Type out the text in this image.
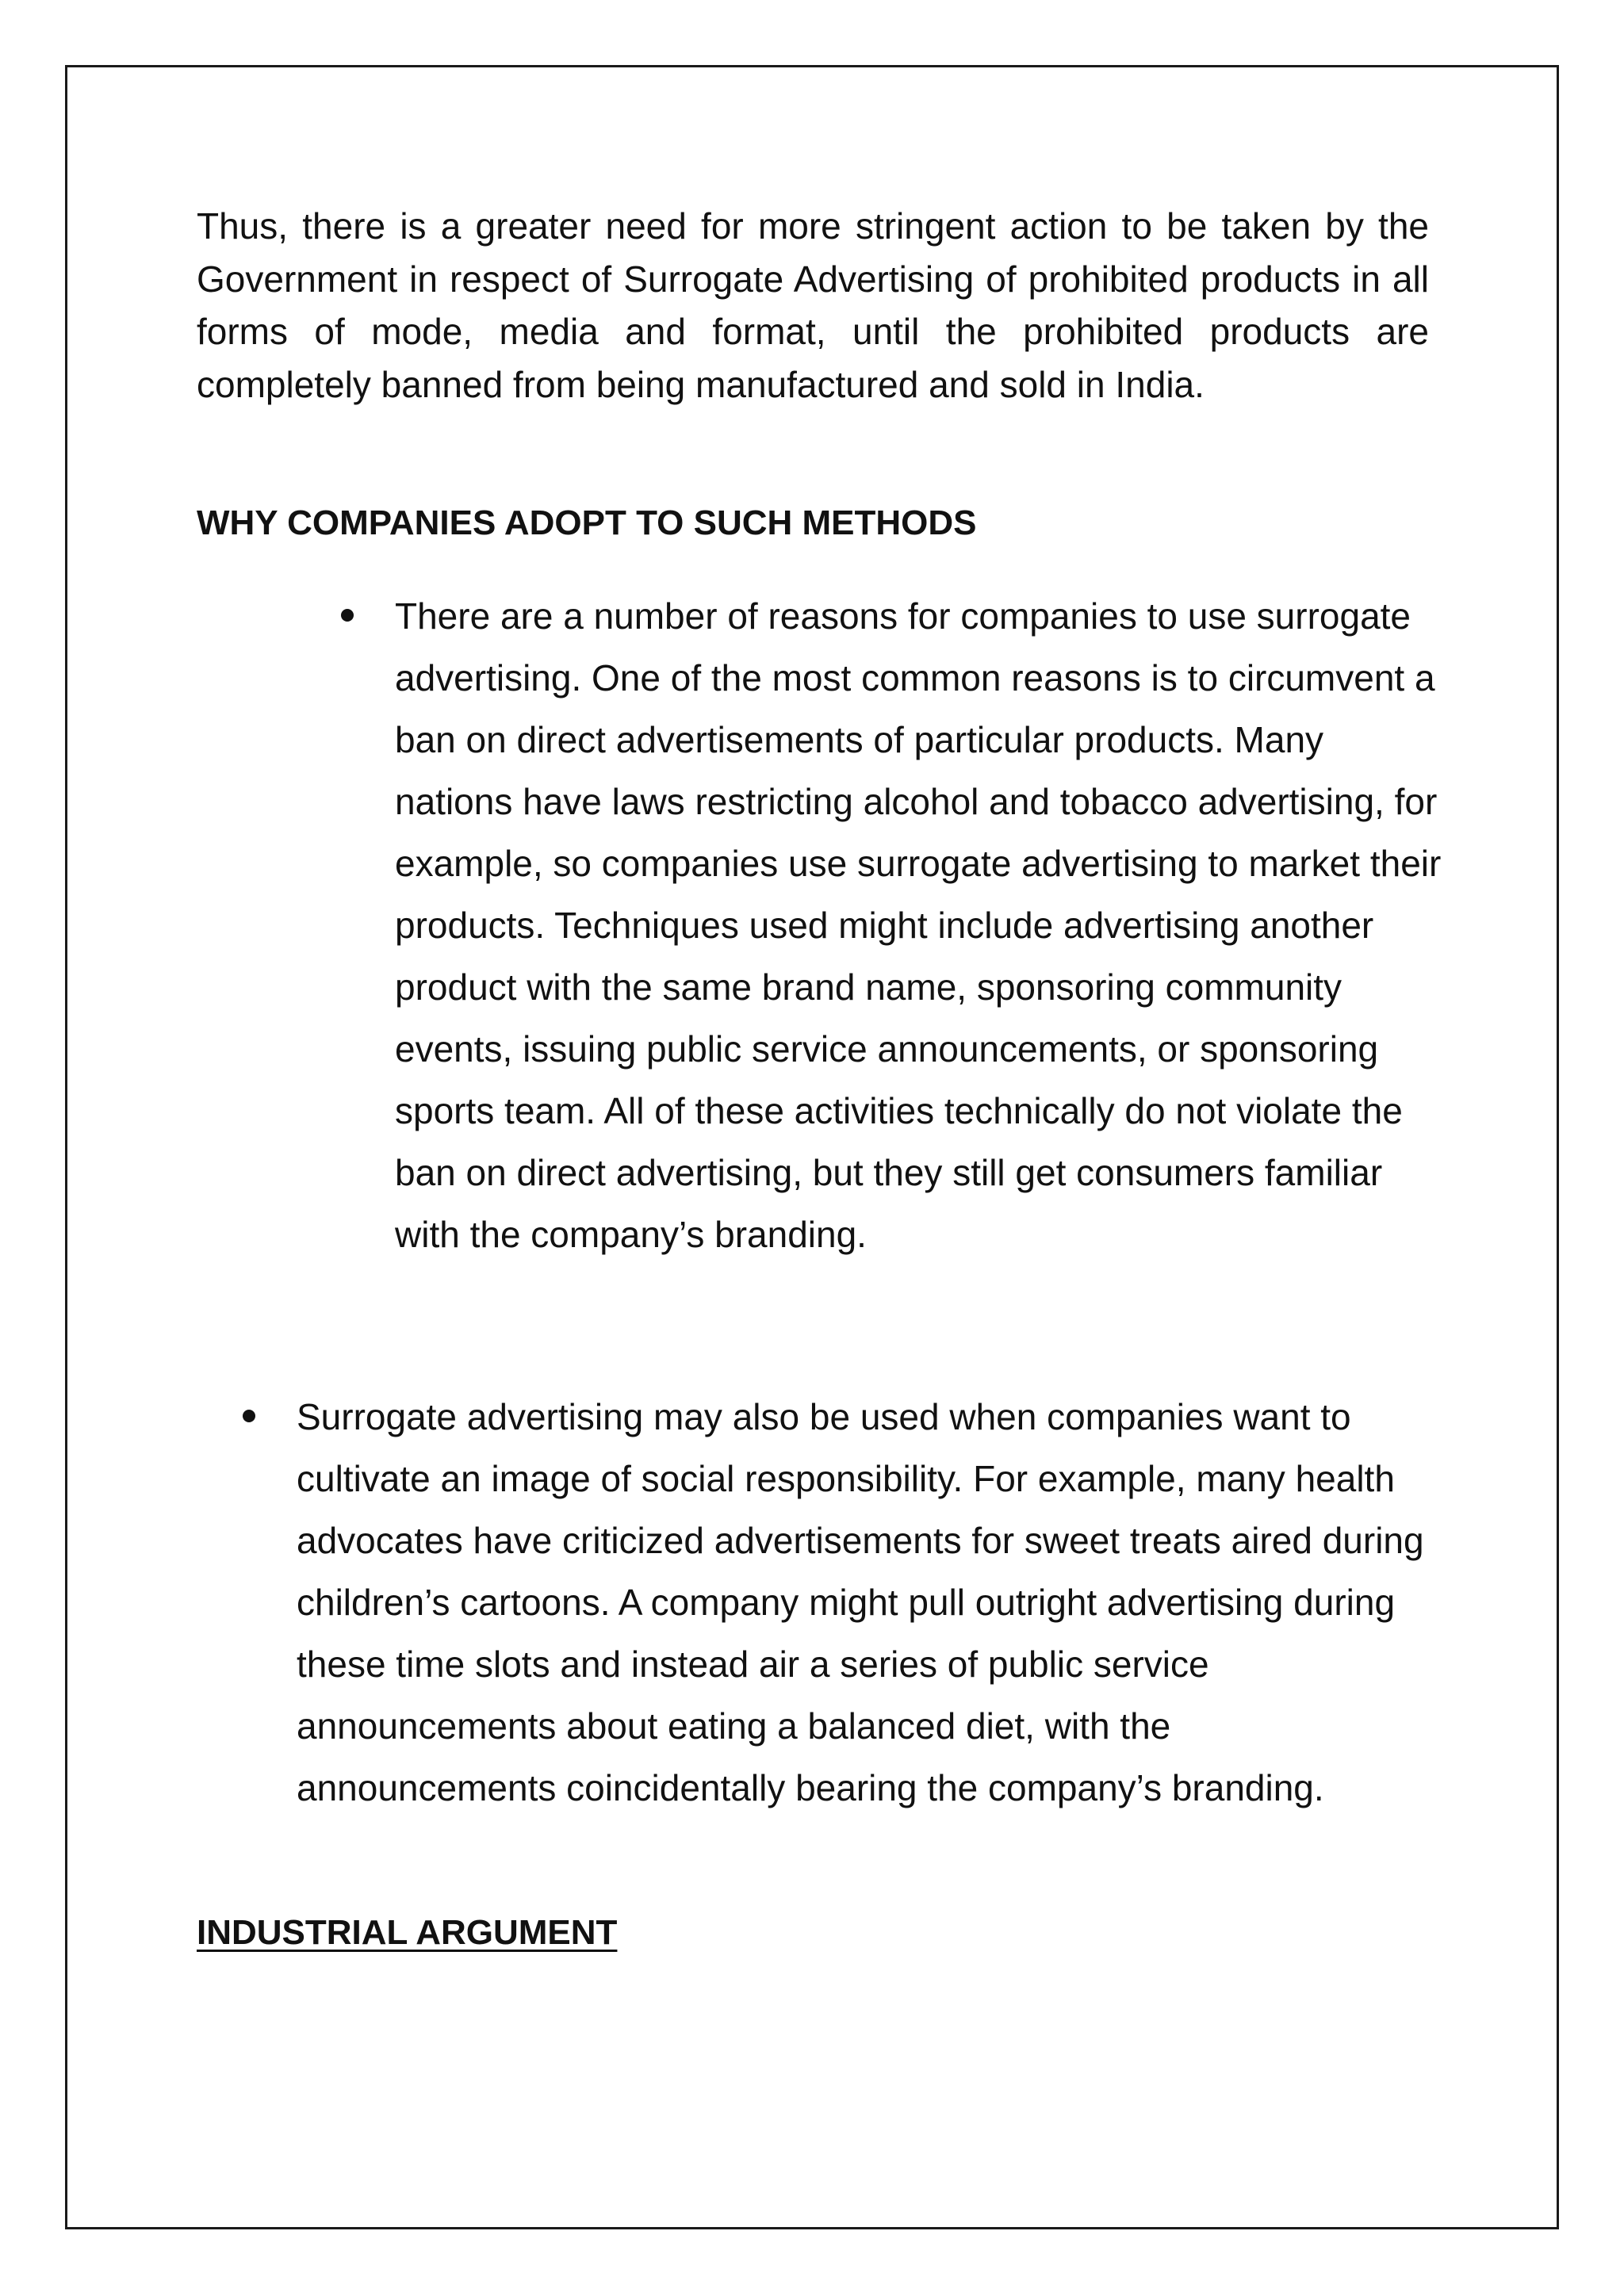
Thus, there is a greater need for more stringent action to be taken by the Government in respect of Surrogate Advertising of prohibited products in all forms of mode, media and format, until the prohibited products are completely banned from being manufactured and sold in India.

WHY COMPANIES ADOPT TO SUCH METHODS
There are a number of reasons for companies to use surrogate advertising. One of the most common reasons is to circumvent a ban on direct advertisements of particular products. Many nations have laws restricting alcohol and tobacco advertising, for example, so companies use surrogate advertising to market their products. Techniques used might include advertising another product with the same brand name, sponsoring community events, issuing public service announcements, or sponsoring sports team. All of these activities technically do not violate the ban on direct advertising, but they still get consumers familiar with the company’s branding.
Surrogate advertising may also be used when companies want to cultivate an image of social responsibility. For example, many health advocates have criticized advertisements for sweet treats aired during children’s cartoons. A company might pull outright advertising during these time slots and instead air a series of public service announcements about eating a balanced diet, with the announcements coincidentally bearing the company’s branding.
INDUSTRIAL ARGUMENT
